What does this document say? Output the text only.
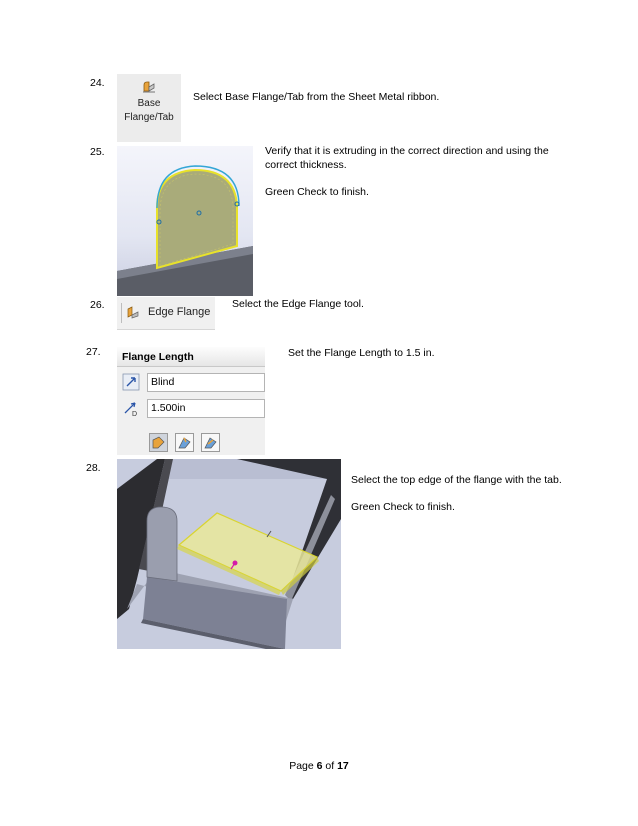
24.
Base
Flange/Tab
Select Base Flange/Tab from the Sheet Metal ribbon.
25.	Verify that it is extruding in the correct direction and using the
correct thickness.
Green Check to finish.
26.
Edge Flange
Select the Edge Flange tool.
27.	Flange Length
Blind
D
1.500in
Set the Flange Length to 1.5 in.
28.
Select the top edge of the flange with the tab.
Green Check to finish.
Page 6 of 17
